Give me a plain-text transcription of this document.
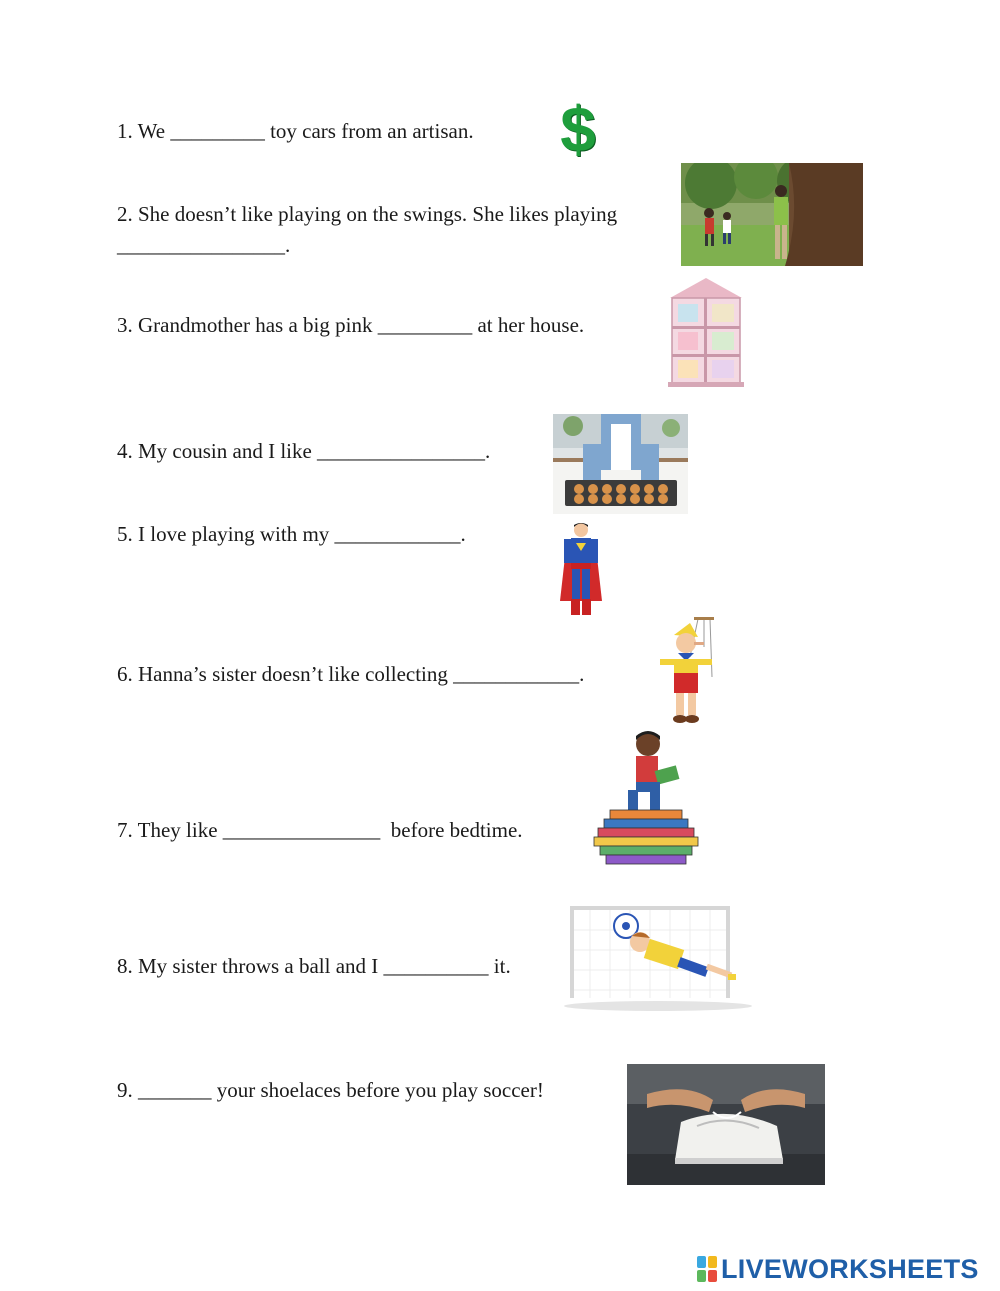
1. We _________ toy cars from an artisan.
2. She doesn’t like playing on the swings. She likes playing
________________.
3. Grandmother has a big pink _________ at her house.
4. My cousin and I like ________________.
5. I love playing with my ____________.
6. Hanna’s sister doesn’t like collecting ____________.
7. They like _______________  before bedtime.
8. My sister throws a ball and I __________ it.
9. _______ your shoelaces before you play soccer!
$
LIVEWORKSHEETS
